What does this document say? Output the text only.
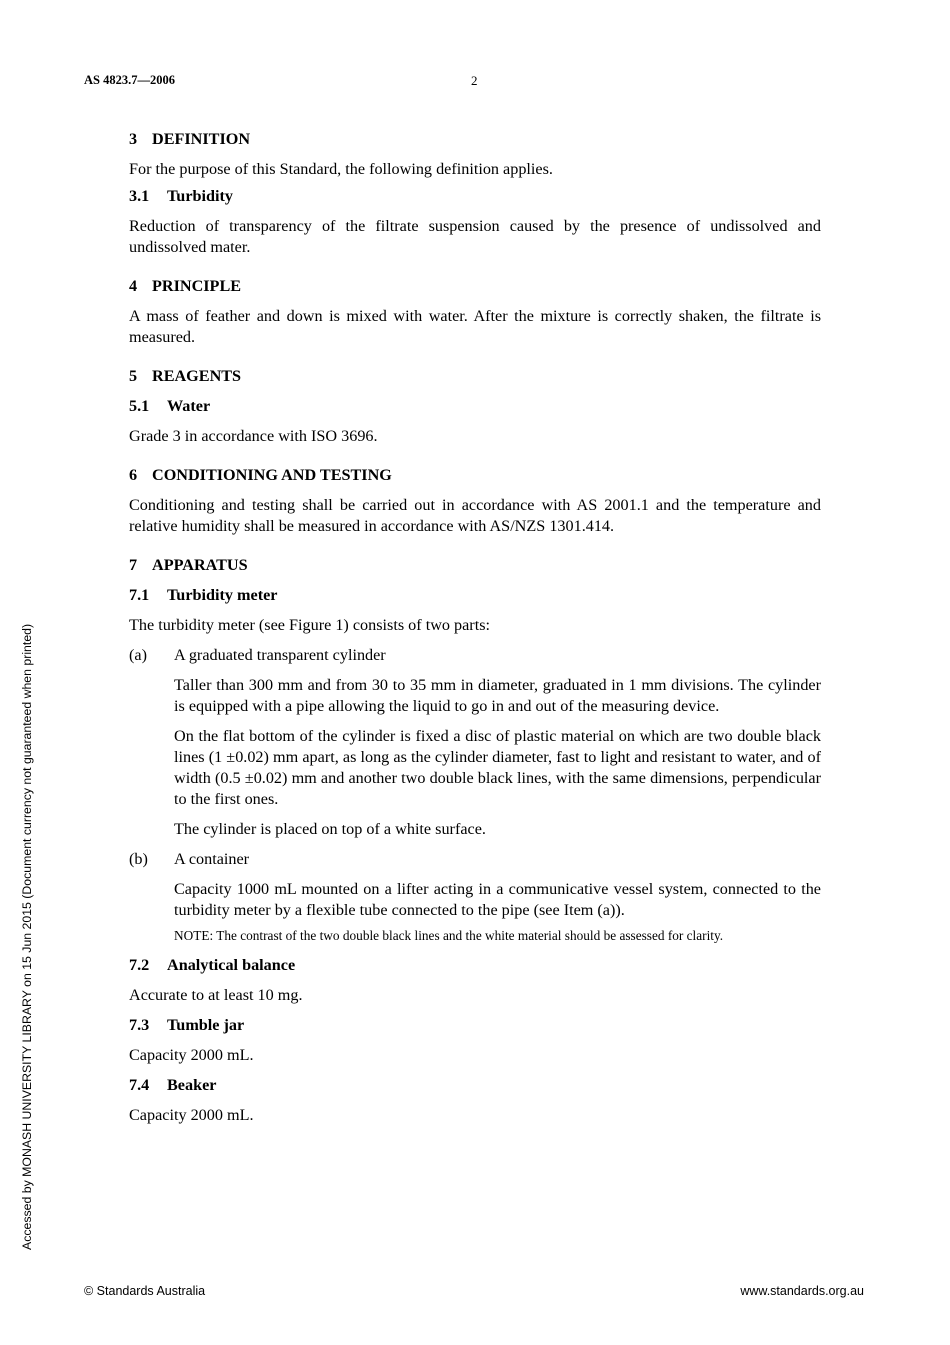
AS 4823.7—2006	2
Accessed by MONASH UNIVERSITY LIBRARY on 15 Jun 2015 (Document currency not guaranteed when printed)
3 DEFINITION
For the purpose of this Standard, the following definition applies.
3.1 Turbidity
Reduction of transparency of the filtrate suspension caused by the presence of undissolved and undissolved mater.
4 PRINCIPLE
A mass of feather and down is mixed with water. After the mixture is correctly shaken, the filtrate is measured.
5 REAGENTS
5.1 Water
Grade 3 in accordance with ISO 3696.
6 CONDITIONING AND TESTING
Conditioning and testing shall be carried out in accordance with AS 2001.1 and the temperature and relative humidity shall be measured in accordance with AS/NZS 1301.414.
7 APPARATUS
7.1 Turbidity meter
The turbidity meter (see Figure 1) consists of two parts:
(a)	A graduated transparent cylinder
Taller than 300 mm and from 30 to 35 mm in diameter, graduated in 1 mm divisions. The cylinder is equipped with a pipe allowing the liquid to go in and out of the measuring device.
On the flat bottom of the cylinder is fixed a disc of plastic material on which are two double black lines (1 ±0.02) mm apart, as long as the cylinder diameter, fast to light and resistant to water, and of width (0.5 ±0.02) mm and another two double black lines, with the same dimensions, perpendicular to the first ones.
The cylinder is placed on top of a white surface.
(b)	A container
Capacity 1000 mL mounted on a lifter acting in a communicative vessel system, connected to the turbidity meter by a flexible tube connected to the pipe (see Item (a)).
NOTE: The contrast of the two double black lines and the white material should be assessed for clarity.
7.2 Analytical balance
Accurate to at least 10 mg.
7.3 Tumble jar
Capacity 2000 mL.
7.4 Beaker
Capacity 2000 mL.
© Standards Australia	www.standards.org.au
